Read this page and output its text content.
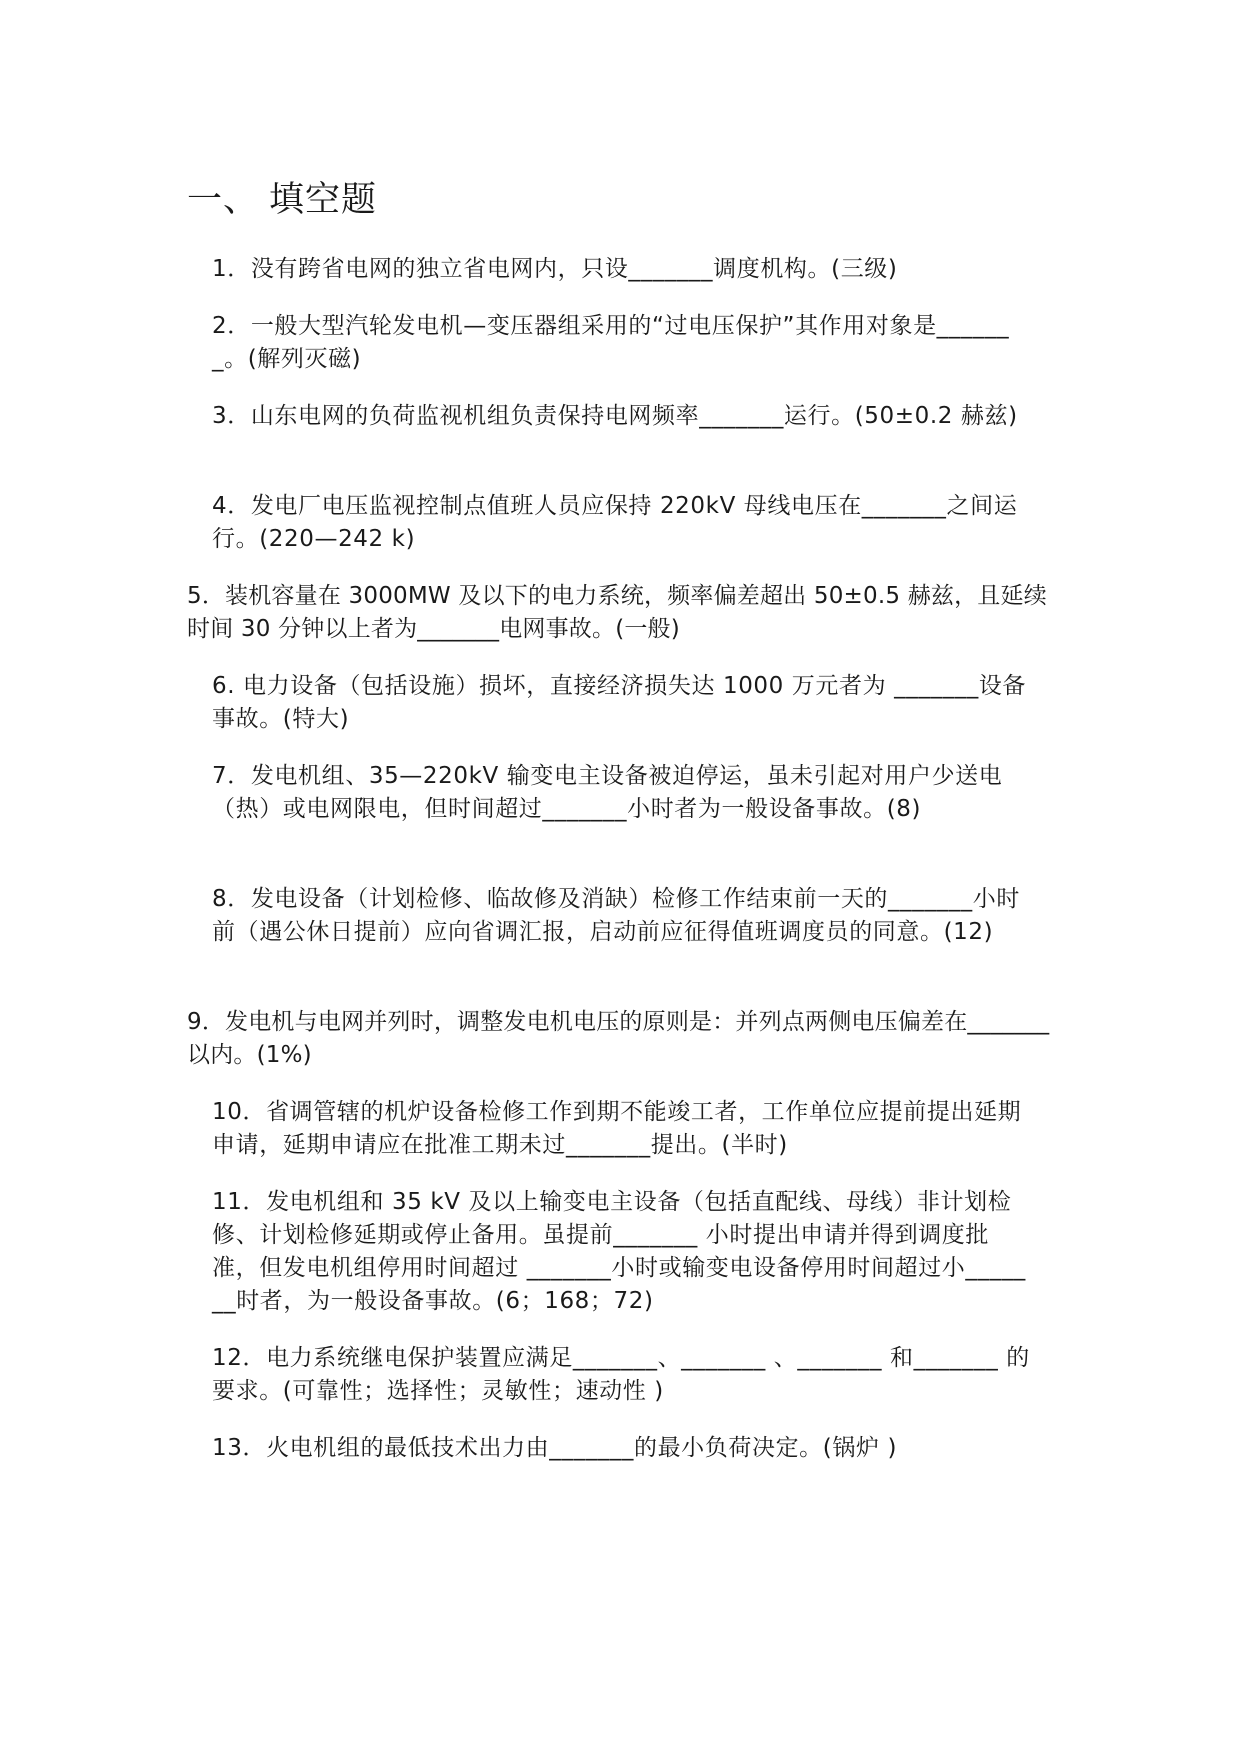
一、 填空题

1．没有跨省电网的独立省电网内，只设_______调度机构。(三级)

2．一般大型汽轮发电机—变压器组采用的“过电压保护”其作用对象是_______。(解列灭磁)

3．山东电网的负荷监视机组负责保持电网频率_______运行。(50±0.2 赫兹)

4．发电厂电压监视控制点值班人员应保持 220kV 母线电压在_______之间运行。(220—242 k)

5．装机容量在 3000MW 及以下的电力系统，频率偏差超出 50±0.5 赫兹，且延续时间 30 分钟以上者为_______电网事故。(一般)

6. 电力设备（包括设施）损坏，直接经济损失达 1000 万元者为 _______设备事故。(特大)

7．发电机组、35—220kV 输变电主设备被迫停运，虽未引起对用户少送电（热）或电网限电，但时间超过_______小时者为一般设备事故。(8)

8．发电设备（计划检修、临故修及消缺）检修工作结束前一天的_______小时前（遇公休日提前）应向省调汇报，启动前应征得值班调度员的同意。(12)

9．发电机与电网并列时，调整发电机电压的原则是：并列点两侧电压偏差在_______以内。(1%)

10．省调管辖的机炉设备检修工作到期不能竣工者，工作单位应提前提出延期申请，延期申请应在批准工期未过_______提出。(半时)

11．发电机组和 35 kV 及以上输变电主设备（包括直配线、母线）非计划检修、计划检修延期或停止备用。虽提前_______ 小时提出申请并得到调度批准，但发电机组停用时间超过 _______小时或输变电设备停用时间超过小_______时者，为一般设备事故。(6；168；72)

12．电力系统继电保护装置应满足_______、_______ 、_______ 和_______ 的要求。(可靠性；选择性；灵敏性；速动性 )

13．火电机组的最低技术出力由_______的最小负荷决定。(锅炉 )
